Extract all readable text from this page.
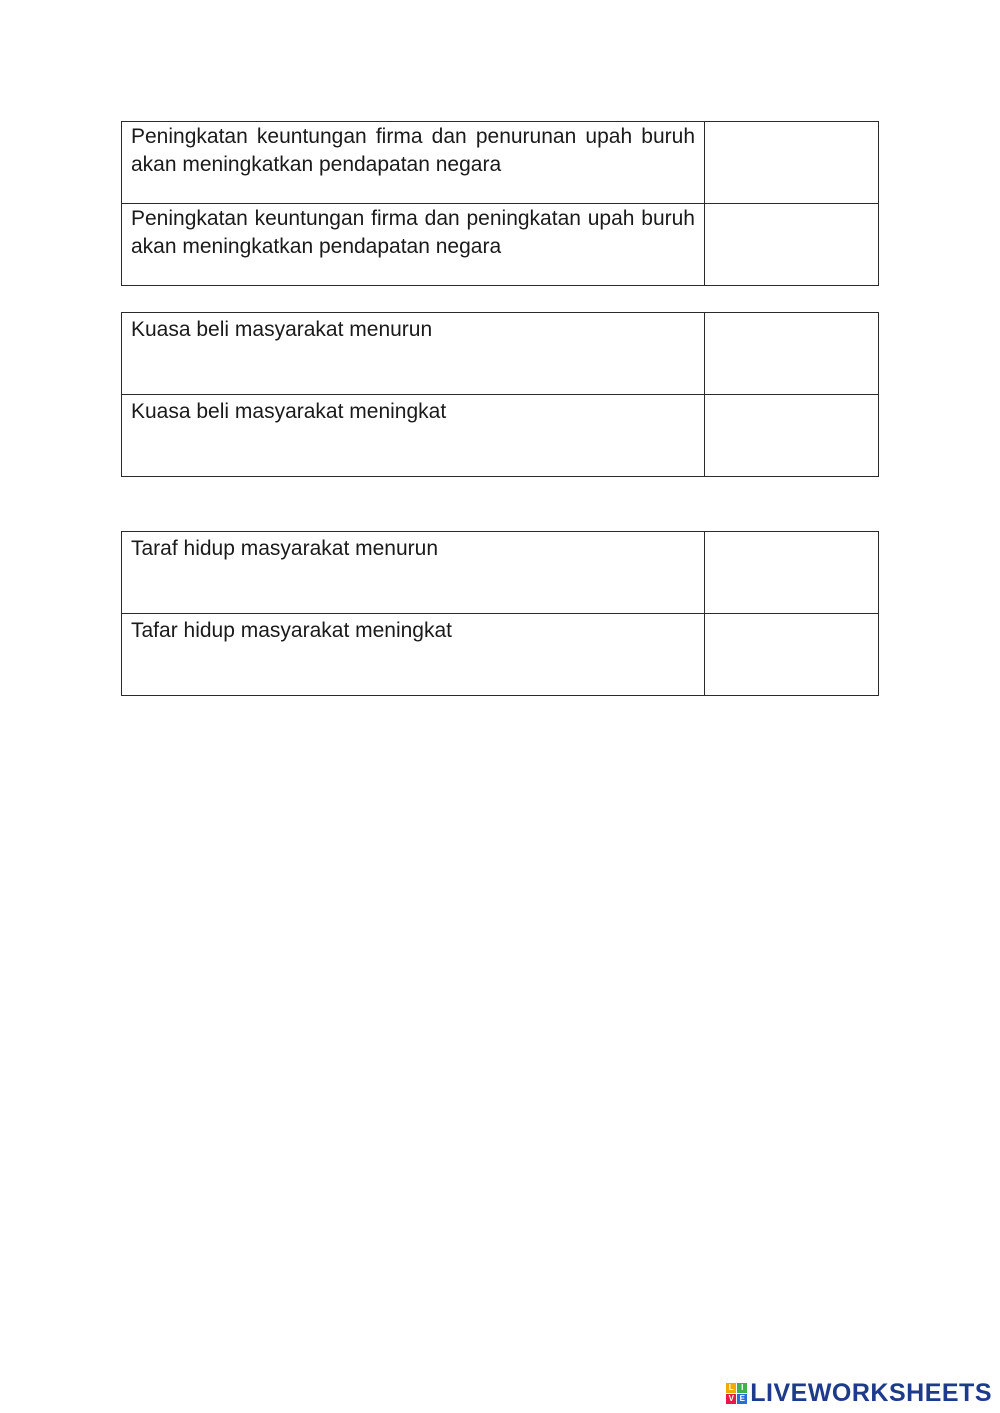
Peningkatan keuntungan firma dan penurunan upah buruh akan meningkatkan pendapatan negara	

Peningkatan keuntungan firma dan peningkatan upah buruh akan meningkatkan pendapatan negara	

Kuasa beli masyarakat menurun	

Kuasa beli masyarakat meningkat	

Taraf hidup masyarakat menurun	

Tafar hidup masyarakat meningkat	

L I
V E LIVEWORKSHEETS
